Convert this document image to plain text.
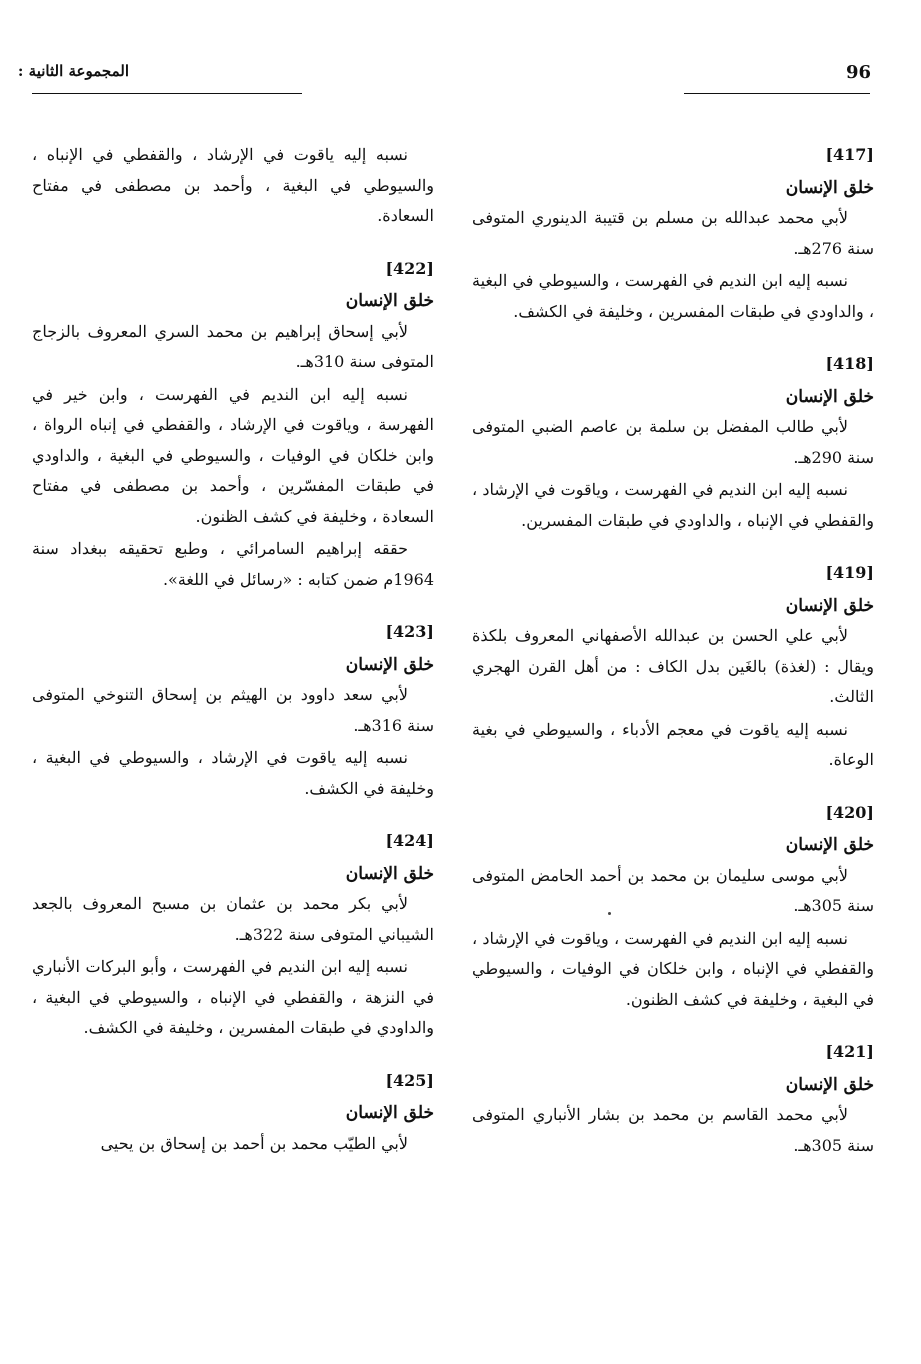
96
المجموعة الثانية :
[417]
خلق الإنسان

لأبي محمد عبدالله بن مسلم بن قتيبة الدينوري المتوفى سنة 276هـ.

نسبه إليه ابن النديم في الفهرست ، والسيوطي في البغية ، والداودي في طبقات المفسرين ، وخليفة في الكشف.

[418]
خلق الإنسان

لأبي طالب المفضل بن سلمة بن عاصم الضبي المتوفى سنة 290هـ.

نسبه إليه ابن النديم في الفهرست ، وياقوت في الإرشاد ، والقفطي في الإنباه ، والداودي في طبقات المفسرين.

[419]
خلق الإنسان

لأبي علي الحسن بن عبدالله الأصفهاني المعروف بلكذة ويقال : (لغذة) بالغَين بدل الكاف : من أهل القرن الهجري الثالث.

نسبه إليه ياقوت في معجم الأدباء ، والسيوطي في بغية الوعاة.

[420]
خلق الإنسان

لأبي موسى سليمان بن محمد بن أحمد الحامض المتوفى سنة 305هـ.

نسبه إليه ابن النديم في الفهرست ، وياقوت في الإرشاد ، والقفطي في الإنباه ، وابن خلكان في الوفيات ، والسيوطي في البغية ، وخليفة في كشف الظنون.

[421]
خلق الإنسان

لأبي محمد القاسم بن محمد بن بشار الأنباري المتوفى سنة 305هـ.

نسبه إليه ياقوت في الإرشاد ، والقفطي في الإنباه ، والسيوطي في البغية ، وأحمد بن مصطفى في مفتاح السعادة.

[422]
خلق الإنسان

لأبي إسحاق إبراهيم بن محمد السري المعروف بالزجاج المتوفى سنة 310هـ.

نسبه إليه ابن النديم في الفهرست ، وابن خير في الفهرسة ، وياقوت في الإرشاد ، والقفطي في إنباه الرواة ، وابن خلكان في الوفيات ، والسيوطي في البغية ، والداودي في طبقات المفسّرين ، وأحمد بن مصطفى في مفتاح السعادة ، وخليفة في كشف الظنون.

حققه إبراهيم السامرائي ، وطبع تحقيقه ببغداد سنة 1964م ضمن كتابه : «رسائل في اللغة».

[423]
خلق الإنسان

لأبي سعد داوود بن الهيثم بن إسحاق التنوخي المتوفى سنة 316هـ.

نسبه إليه ياقوت في الإرشاد ، والسيوطي في البغية ، وخليفة في الكشف.

[424]
خلق الإنسان

لأبي بكر محمد بن عثمان بن مسبح المعروف بالجعد الشيباني المتوفى سنة 322هـ.

نسبه إليه ابن النديم في الفهرست ، وأبو البركات الأنباري في النزهة ، والقفطي في الإنباه ، والسيوطي في البغية ، والداودي في طبقات المفسرين ، وخليفة في الكشف.

[425]
خلق الإنسان

لأبي الطيّب محمد بن أحمد بن إسحاق بن يحيى
